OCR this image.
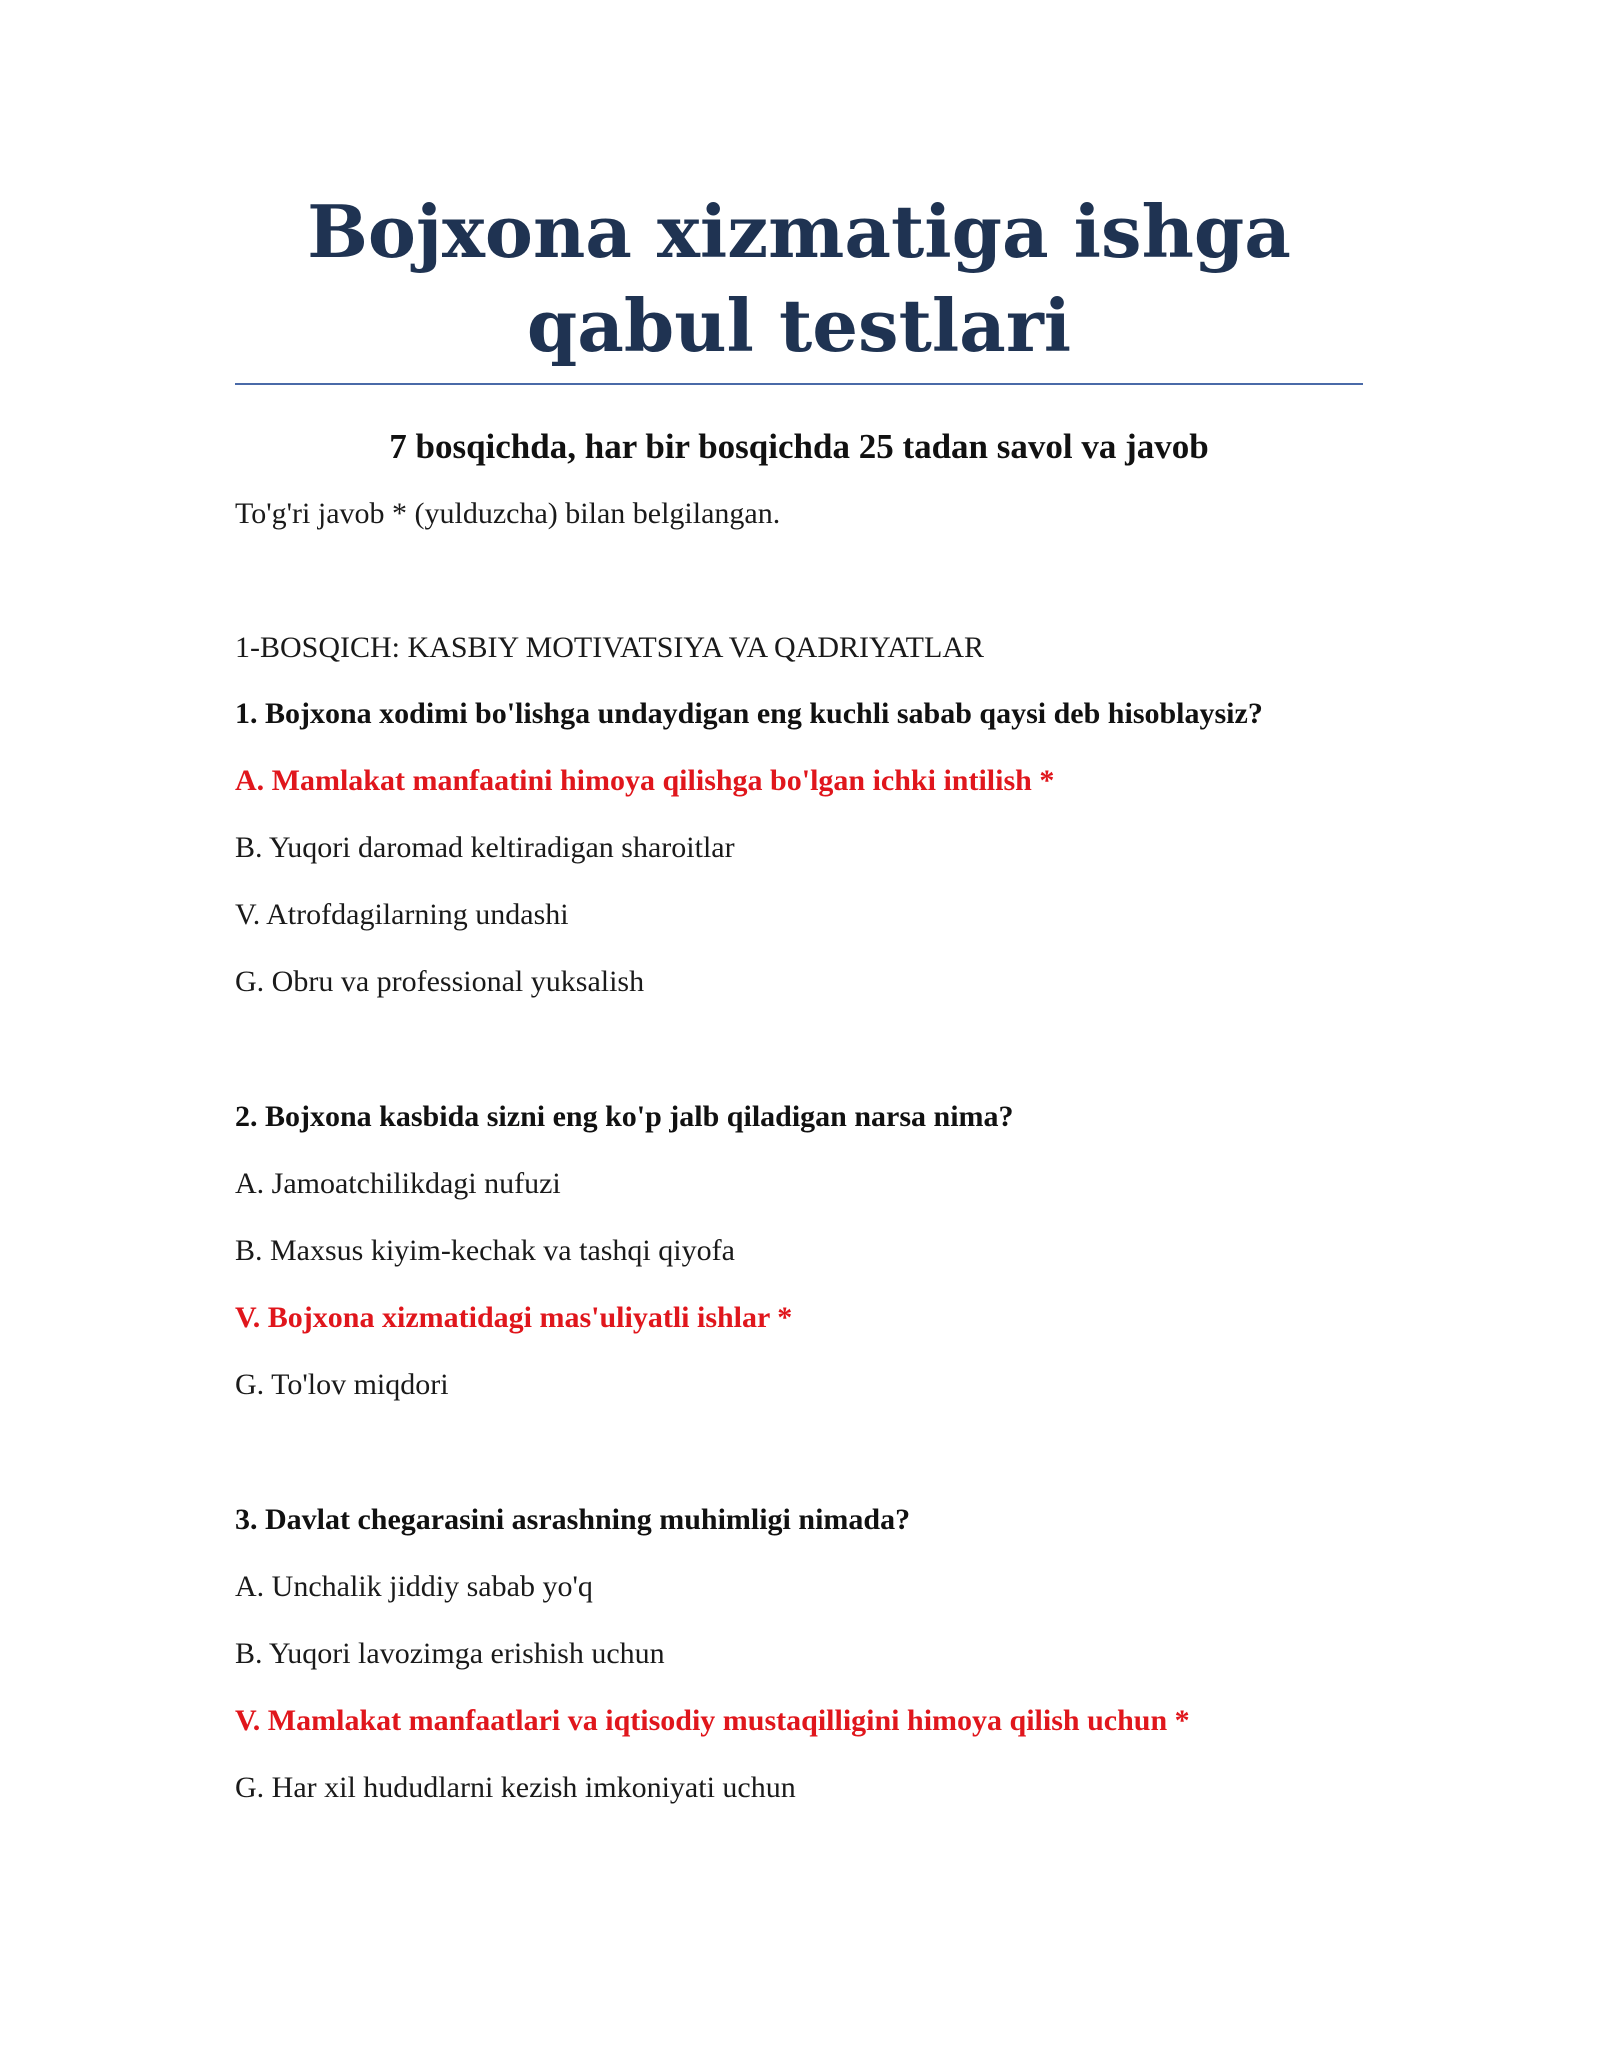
Bojxona xizmatiga ishga qabul testlari

7 bosqichda, har bir bosqichda 25 tadan savol va javob

To'g'ri javob * (yulduzcha) bilan belgilangan.

1-BOSQICH: KASBIY MOTIVATSIYA VA QADRIYATLAR

1. Bojxona xodimi bo'lishga undaydigan eng kuchli sabab qaysi deb hisoblaysiz?

A. Mamlakat manfaatini himoya qilishga bo'lgan ichki intilish *

B. Yuqori daromad keltiradigan sharoitlar

V. Atrofdagilarning undashi

G. Obru va professional yuksalish

2. Bojxona kasbida sizni eng ko'p jalb qiladigan narsa nima?

A. Jamoatchilikdagi nufuzi

B. Maxsus kiyim-kechak va tashqi qiyofa

V. Bojxona xizmatidagi mas'uliyatli ishlar *

G. To'lov miqdori

3. Davlat chegarasini asrashning muhimligi nimada?

A. Unchalik jiddiy sabab yo'q

B. Yuqori lavozimga erishish uchun

V. Mamlakat manfaatlari va iqtisodiy mustaqilligini himoya qilish uchun *

G. Har xil hududlarni kezish imkoniyati uchun
